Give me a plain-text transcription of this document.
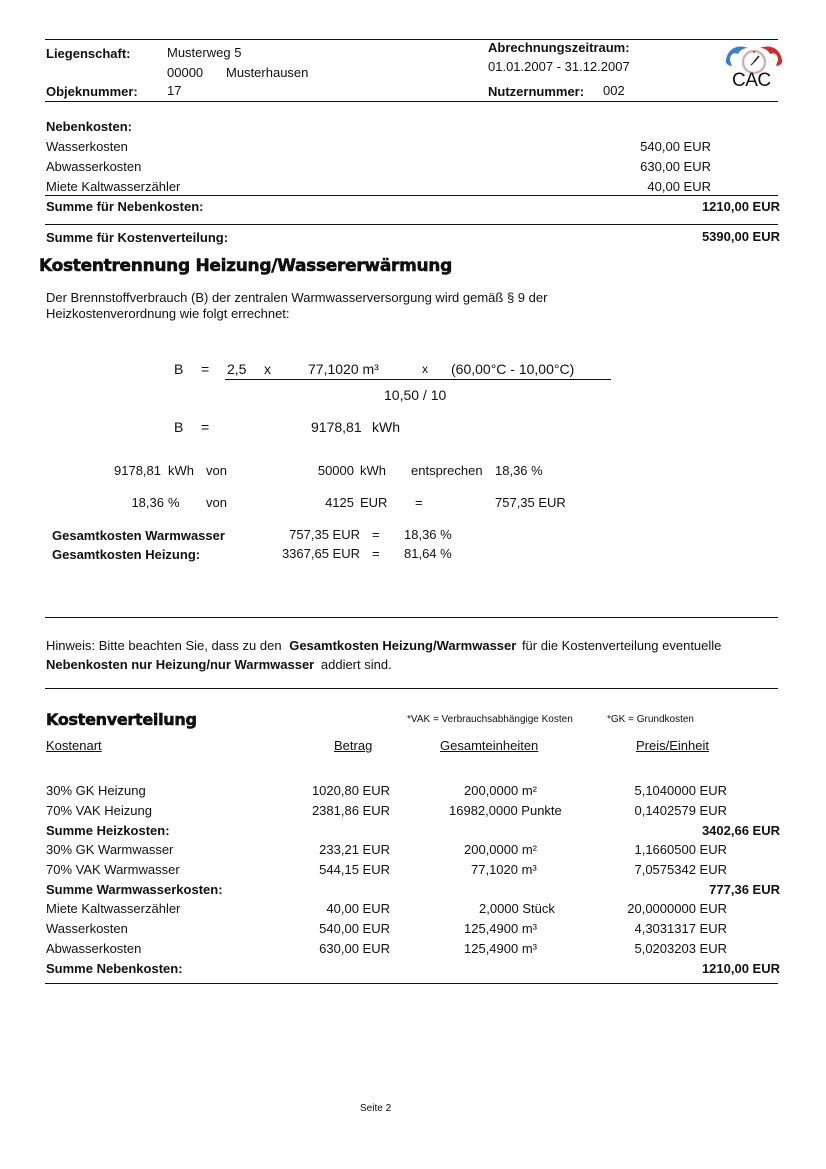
Liegenschaft:	Musterweg 5
00000 Musterhausen
Objeknummer: 17
Abrechnungszeitraum:
01.01.2007 - 31.12.2007
Nutzernummer: 002	CAC
Nebenkosten:
Wasserkosten	540,00 EUR
Abwasserkosten	630,00 EUR
Miete Kaltwasserzähler	40,00 EUR
Summe für Nebenkosten:	1210,00 EUR
Summe für Kostenverteilung:	5390,00 EUR
Kostentrennung Heizung/Wassererwärmung
Der Brennstoffverbrauch (B) der zentralen Warmwasserversorgung wird gemäß § 9 der
Heizkostenverordnung wie folgt errechnet:
B = 2,5 x	77,1020 m³	x (60,00°C - 10,00°C)
10,50 / 10
B =	9178,81 kWh
9178,81 kWh von	50000 kWh entsprechen 18,36 %
18,36 % von	4125 EUR =	757,35 EUR
Gesamtkosten Warmwasser	757,35 EUR = 18,36 %
Gesamtkosten Heizung:	3367,65 EUR = 81,64 %
Hinweis: Bitte beachten Sie, dass zu den Gesamtkosten Heizung/Warmwasser für die Kostenverteilung eventuelle
Nebenkosten nur Heizung/nur Warmwasser addiert sind.
Kostenverteilung	*VAK = Verbrauchsabhängige Kosten	*GK = Grundkosten
Kostenart	Betrag	Gesamteinheiten	Preis/Einheit
30% GK Heizung	1020,80 EUR	200,0000 m²	5,1040000 EUR
70% VAK Heizung	2381,86 EUR	16982,0000 Punkte	0,1402579 EUR
Summe Heizkosten:	3402,66 EUR
30% GK Warmwasser	233,21 EUR	200,0000 m²	1,1660500 EUR
70% VAK Warmwasser	544,15 EUR	77,1020 m³	7,0575342 EUR
Summe Warmwasserkosten:	777,36 EUR
Miete Kaltwasserzähler	40,00 EUR	2,0000 Stück	20,0000000 EUR
Wasserkosten	540,00 EUR	125,4900 m³	4,3031317 EUR
Abwasserkosten	630,00 EUR	125,4900 m³	5,0203203 EUR
Summe Nebenkosten:	1210,00 EUR
Seite 2
